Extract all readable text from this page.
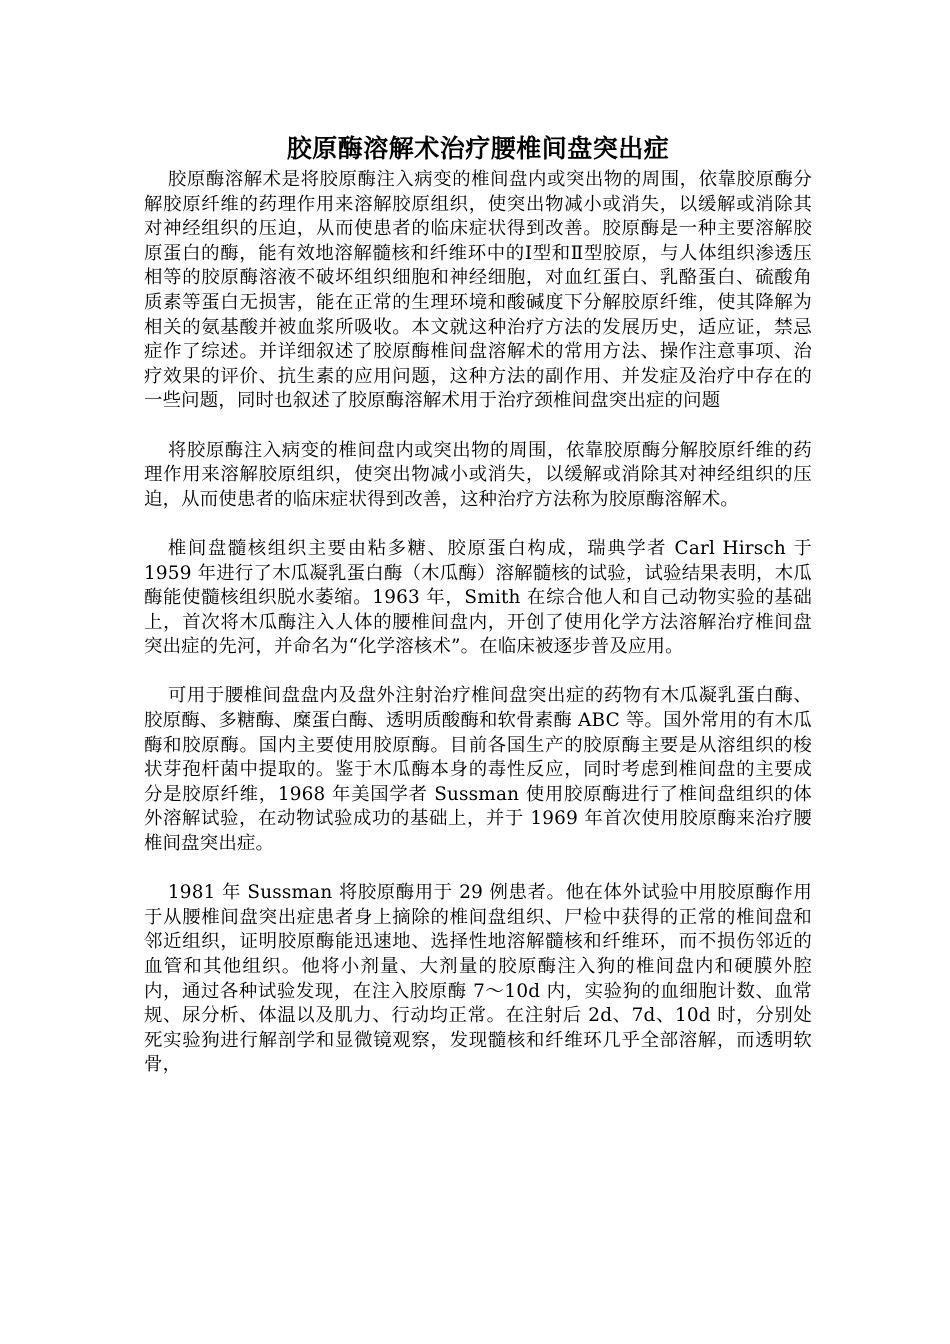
胶原酶溶解术治疗腰椎间盘突出症

胶原酶溶解术是将胶原酶注入病变的椎间盘内或突出物的周围，依靠胶原酶分解胶原纤维的药理作用来溶解胶原组织，使突出物减小或消失，以缓解或消除其对神经组织的压迫，从而使患者的临床症状得到改善。胶原酶是一种主要溶解胶原蛋白的酶，能有效地溶解髓核和纤维环中的Ⅰ型和Ⅱ型胶原，与人体组织渗透压相等的胶原酶溶液不破坏组织细胞和神经细胞，对血红蛋白、乳酪蛋白、硫酸角质素等蛋白无损害，能在正常的生理环境和酸碱度下分解胶原纤维，使其降解为相关的氨基酸并被血浆所吸收。本文就这种治疗方法的发展历史，适应证，禁忌症作了综述。并详细叙述了胶原酶椎间盘溶解术的常用方法、操作注意事项、治疗效果的评价、抗生素的应用问题，这种方法的副作用、并发症及治疗中存在的一些问题，同时也叙述了胶原酶溶解术用于治疗颈椎间盘突出症的问题

将胶原酶注入病变的椎间盘内或突出物的周围，依靠胶原酶分解胶原纤维的药理作用来溶解胶原组织，使突出物减小或消失，以缓解或消除其对神经组织的压迫，从而使患者的临床症状得到改善，这种治疗方法称为胶原酶溶解术。

椎间盘髓核组织主要由粘多糖、胶原蛋白构成，瑞典学者 Carl Hirsch 于 1959 年进行了木瓜凝乳蛋白酶（木瓜酶）溶解髓核的试验，试验结果表明，木瓜酶能使髓核组织脱水萎缩。1963 年，Smith 在综合他人和自己动物实验的基础上，首次将木瓜酶注入人体的腰椎间盘内，开创了使用化学方法溶解治疗椎间盘突出症的先河，并命名为“化学溶核术”。在临床被逐步普及应用。

可用于腰椎间盘盘内及盘外注射治疗椎间盘突出症的药物有木瓜凝乳蛋白酶、胶原酶、多糖酶、糜蛋白酶、透明质酸酶和软骨素酶 ABC 等。国外常用的有木瓜酶和胶原酶。国内主要使用胶原酶。目前各国生产的胶原酶主要是从溶组织的梭状芽孢杆菌中提取的。鉴于木瓜酶本身的毒性反应，同时考虑到椎间盘的主要成分是胶原纤维，1968 年美国学者 Sussman 使用胶原酶进行了椎间盘组织的体外溶解试验，在动物试验成功的基础上，并于 1969 年首次使用胶原酶来治疗腰椎间盘突出症。

1981 年 Sussman 将胶原酶用于 29 例患者。他在体外试验中用胶原酶作用于从腰椎间盘突出症患者身上摘除的椎间盘组织、尸检中获得的正常的椎间盘和邻近组织，证明胶原酶能迅速地、选择性地溶解髓核和纤维环，而不损伤邻近的血管和其他组织。他将小剂量、大剂量的胶原酶注入狗的椎间盘内和硬膜外腔内，通过各种试验发现，在注入胶原酶 7～10d 内，实验狗的血细胞计数、血常规、尿分析、体温以及肌力、行动均正常。在注射后 2d、7d、10d 时，分别处死实验狗进行解剖学和显微镜观察，发现髓核和纤维环几乎全部溶解，而透明软骨，
